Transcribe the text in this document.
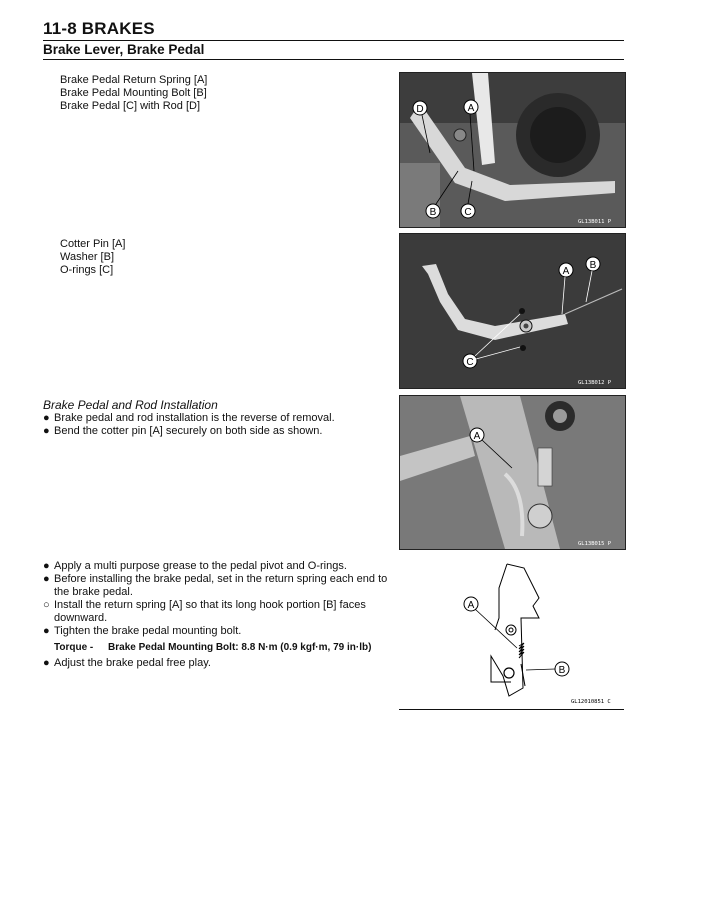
11-8 BRAKES
Brake Lever, Brake Pedal
Brake Pedal Return Spring [A]
Brake Pedal Mounting Bolt [B]
Brake Pedal [C] with Rod [D]
GL13B011 P
A
D
B	C
Cotter Pin [A]
Washer [B]
O-rings [C]
GL13B012 P
A
B
C
Brake Pedal and Rod Installation
● Brake pedal and rod installation is the reverse of removal.
● Bend the cotter pin [A] securely on both side as shown.
GL13B015 P
A
● Apply a multi purpose grease to the pedal pivot and O-rings.
● Before installing the brake pedal, set in the return spring each end to
the brake pedal.
○ Install the return spring [A] so that its long hook portion [B] faces
downward.
● Tighten the brake pedal mounting bolt.
Torque - Brake Pedal Mounting Bolt: 8.8 N·m (0.9 kgf·m, 79 in·lb)
● Adjust the brake pedal free play.
A
B
GL12010851 C
